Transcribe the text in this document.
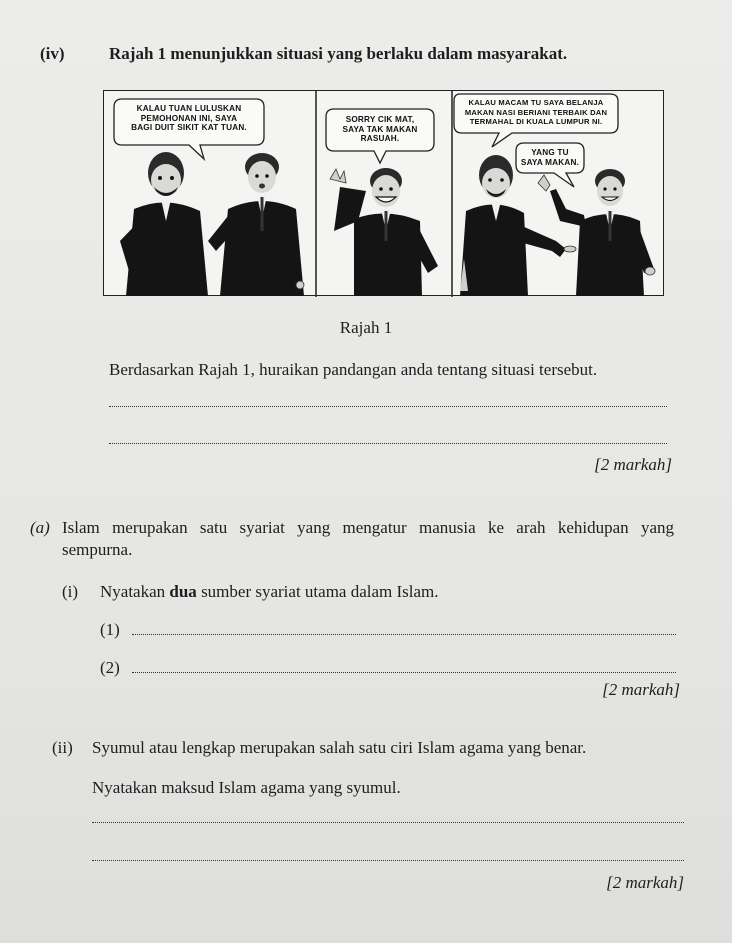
(iv)	Rajah 1 menunjukkan situasi yang berlaku dalam masyarakat.
KALAU TUAN LULUSKAN
PEMOHONAN INI, SAYA
BAGI DUIT SIKIT KAT TUAN.
SORRY CIK MAT,
SAYA TAK MAKAN
RASUAH.
KALAU MACAM TU SAYA BELANJA
MAKAN NASI BERIANI TERBAIK DAN
TERMAHAL DI KUALA LUMPUR NI.
YANG TU
SAYA MAKAN.
Rajah 1
Berdasarkan Rajah 1, huraikan pandangan anda tentang situasi tersebut.
[2 markah]
(a) Islam merupakan satu syariat yang mengatur manusia ke arah kehidupan yang
sempurna.
(i) Nyatakan dua sumber syariat utama dalam Islam.
(1)
(2)
[2 markah]
(ii) Syumul atau lengkap merupakan salah satu ciri Islam agama yang benar.
Nyatakan maksud Islam agama yang syumul.
[2 markah]
